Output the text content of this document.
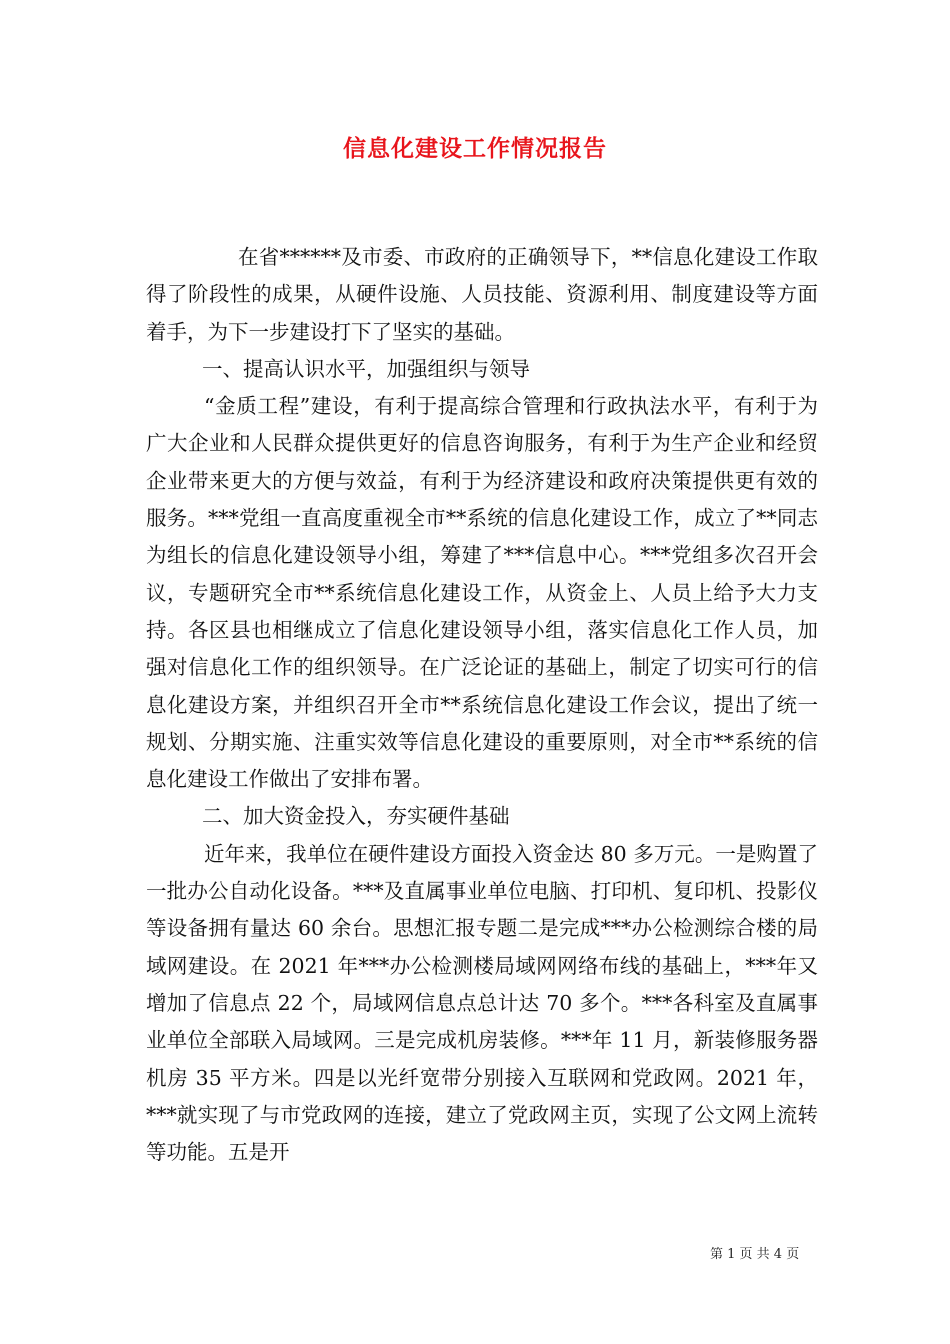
信息化建设工作情况报告

在省******及市委、市政府的正确领导下，**信息化建设工作取得了阶段性的成果，从硬件设施、人员技能、资源利用、制度建设等方面着手，为下一步建设打下了坚实的基础。

一、提高认识水平，加强组织与领导

“金质工程”建设，有利于提高综合管理和行政执法水平，有利于为广大企业和人民群众提供更好的信息咨询服务，有利于为生产企业和经贸企业带来更大的方便与效益，有利于为经济建设和政府决策提供更有效的服务。***党组一直高度重视全市**系统的信息化建设工作，成立了**同志为组长的信息化建设领导小组，筹建了***信息中心。***党组多次召开会议，专题研究全市**系统信息化建设工作，从资金上、人员上给予大力支持。各区县也相继成立了信息化建设领导小组，落实信息化工作人员，加强对信息化工作的组织领导。在广泛论证的基础上，制定了切实可行的信息化建设方案，并组织召开全市**系统信息化建设工作会议，提出了统一规划、分期实施、注重实效等信息化建设的重要原则，对全市**系统的信息化建设工作做出了安排布署。

二、加大资金投入，夯实硬件基础

近年来，我单位在硬件建设方面投入资金达 80 多万元。一是购置了一批办公自动化设备。***及直属事业单位电脑、打印机、复印机、投影仪等设备拥有量达 60 余台。思想汇报专题二是完成***办公检测综合楼的局域网建设。在 2021 年***办公检测楼局域网网络布线的基础上，***年又增加了信息点 22 个，局域网信息点总计达 70 多个。***各科室及直属事业单位全部联入局域网。三是完成机房装修。***年 11 月，新装修服务器机房 35 平方米。四是以光纤宽带分别接入互联网和党政网。2021 年，***就实现了与市党政网的连接，建立了党政网主页，实现了公文网上流转等功能。五是开

第 1 页 共 4 页
